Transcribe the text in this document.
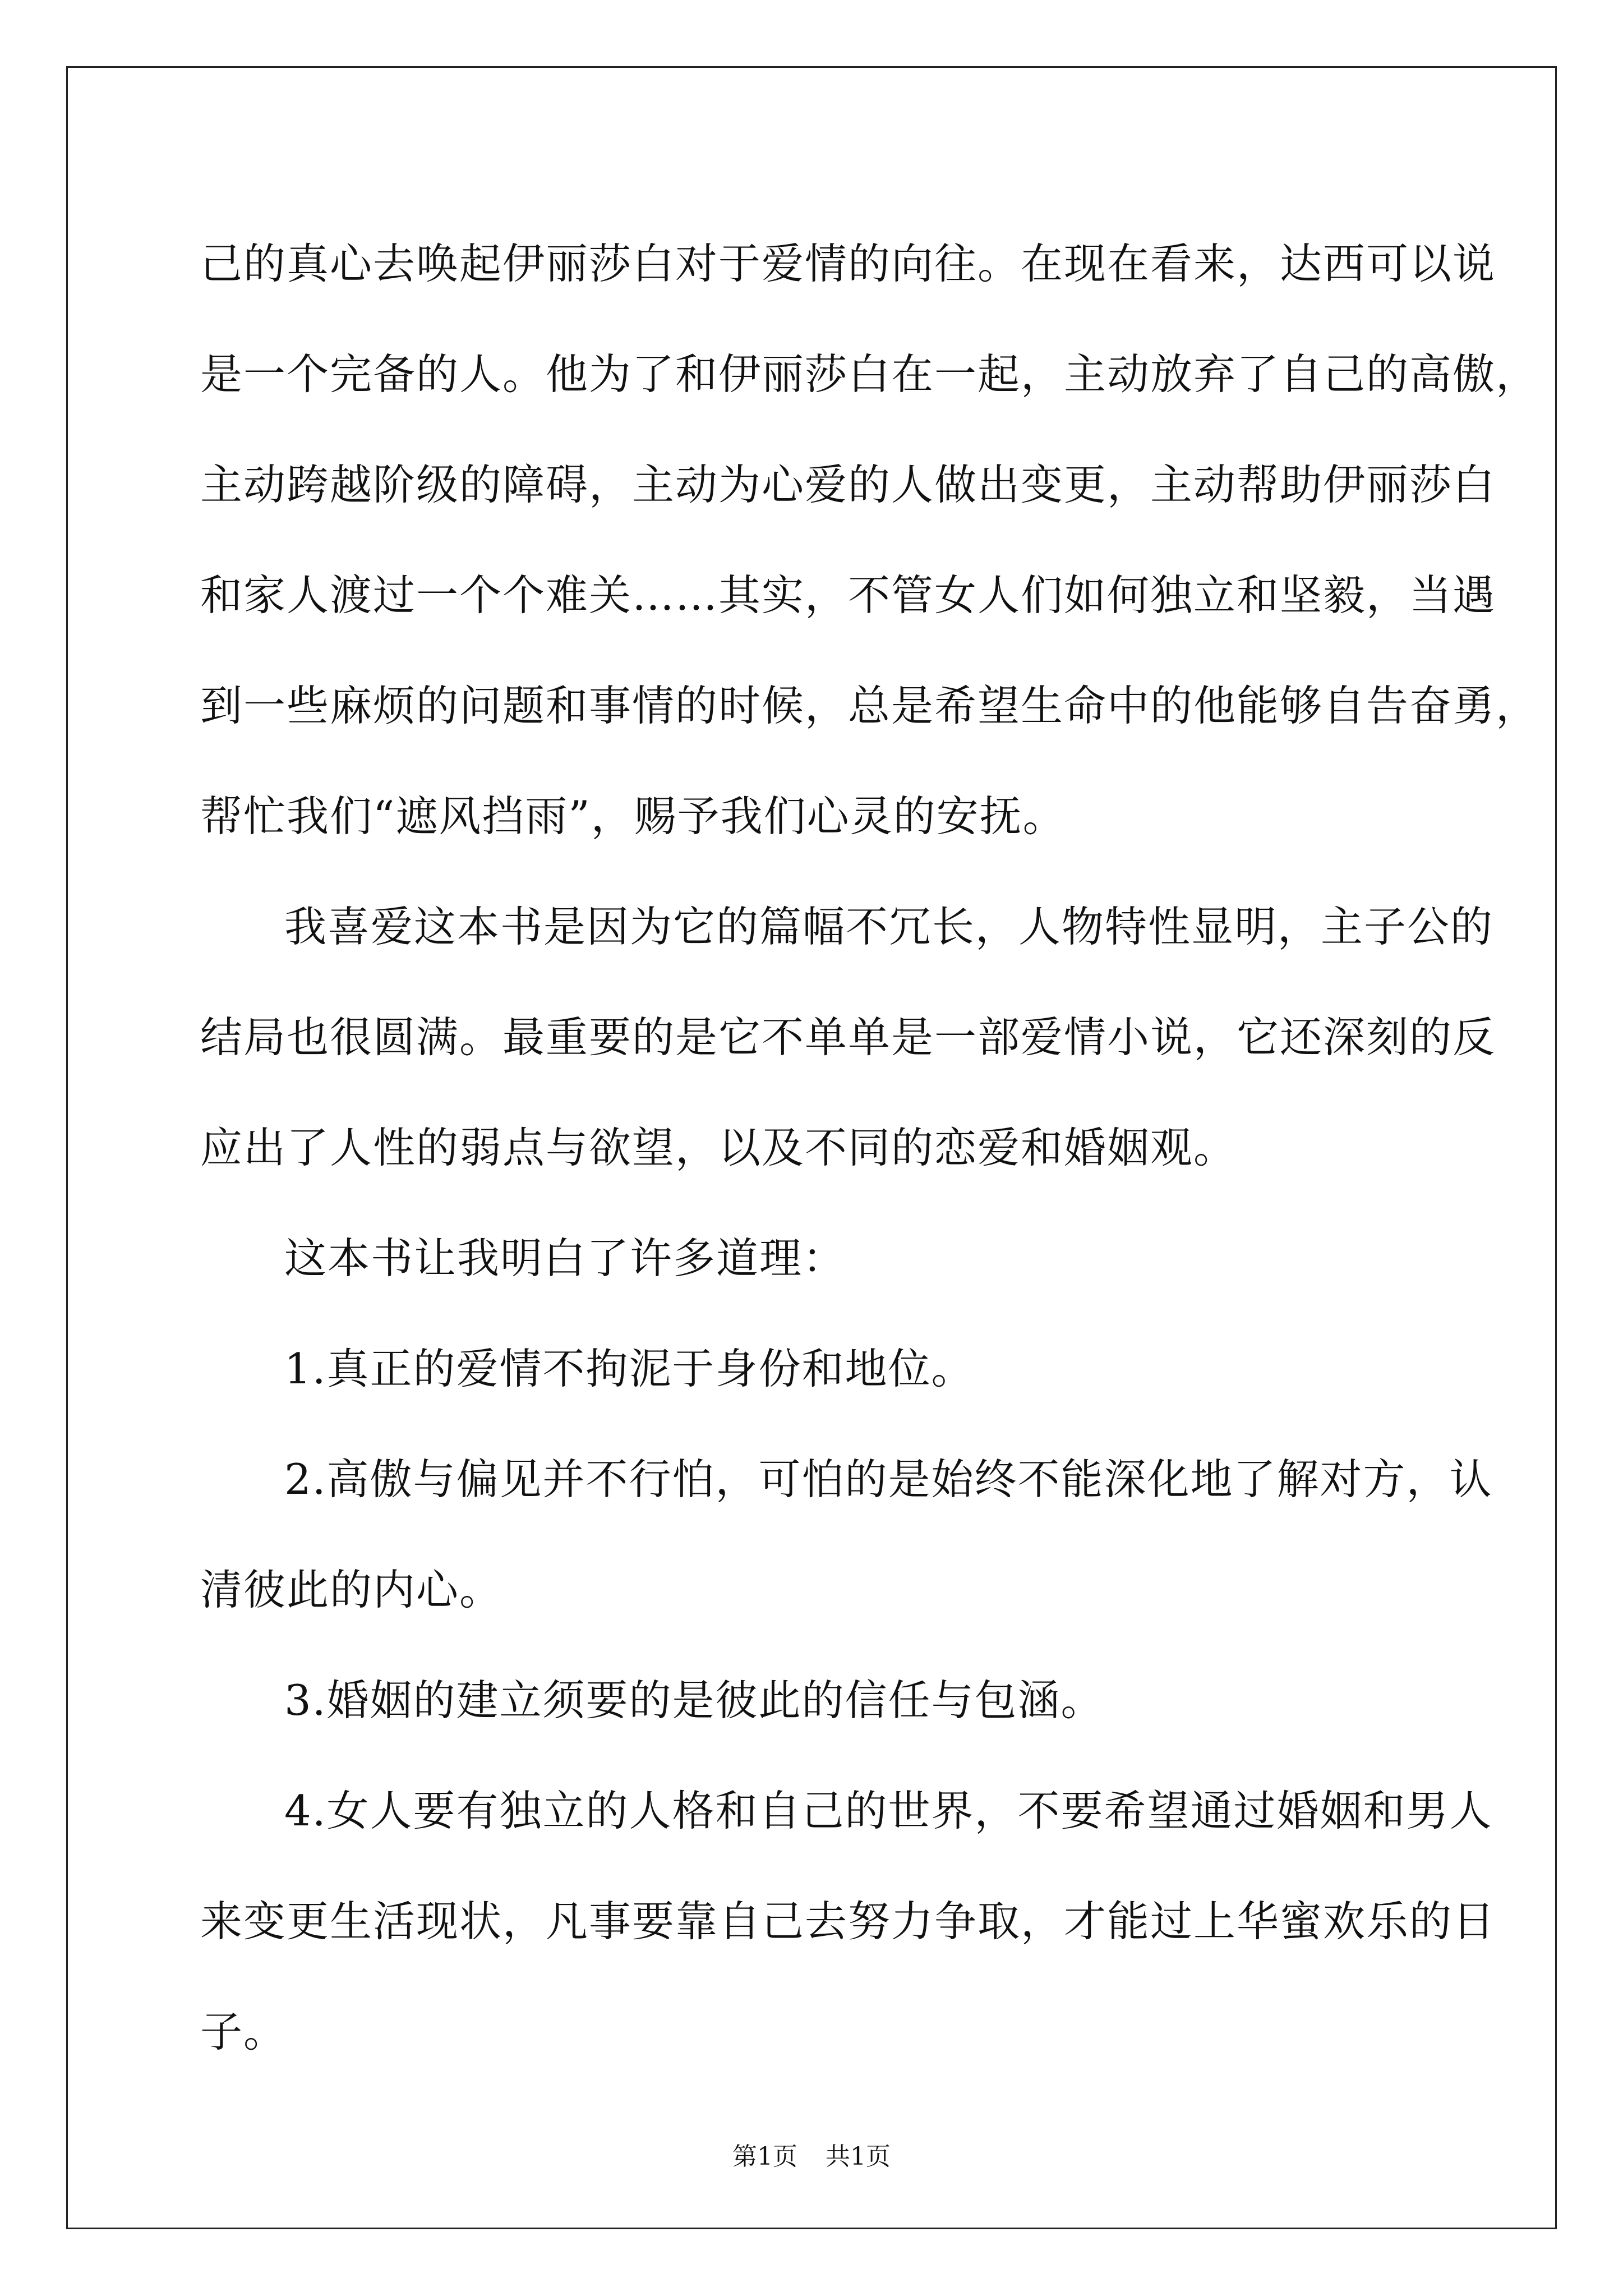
己的真心去唤起伊丽莎白对于爱情的向往。在现在看来，达西可以说
是一个完备的人。他为了和伊丽莎白在一起，主动放弃了自己的高傲，
主动跨越阶级的障碍，主动为心爱的人做出变更，主动帮助伊丽莎白
和家人渡过一个个难关……其实，不管女人们如何独立和坚毅，当遇
到一些麻烦的问题和事情的时候，总是希望生命中的他能够自告奋勇，
帮忙我们“遮风挡雨”，赐予我们心灵的安抚。
我喜爱这本书是因为它的篇幅不冗长，人物特性显明，主子公的
结局也很圆满。最重要的是它不单单是一部爱情小说，它还深刻的反
应出了人性的弱点与欲望，以及不同的恋爱和婚姻观。
这本书让我明白了许多道理：
1.真正的爱情不拘泥于身份和地位。
2.高傲与偏见并不行怕，可怕的是始终不能深化地了解对方，认
清彼此的内心。
3.婚姻的建立须要的是彼此的信任与包涵。
4.女人要有独立的人格和自己的世界，不要希望通过婚姻和男人
来变更生活现状，凡事要靠自己去努力争取，才能过上华蜜欢乐的日
子。
第1页 共1页
